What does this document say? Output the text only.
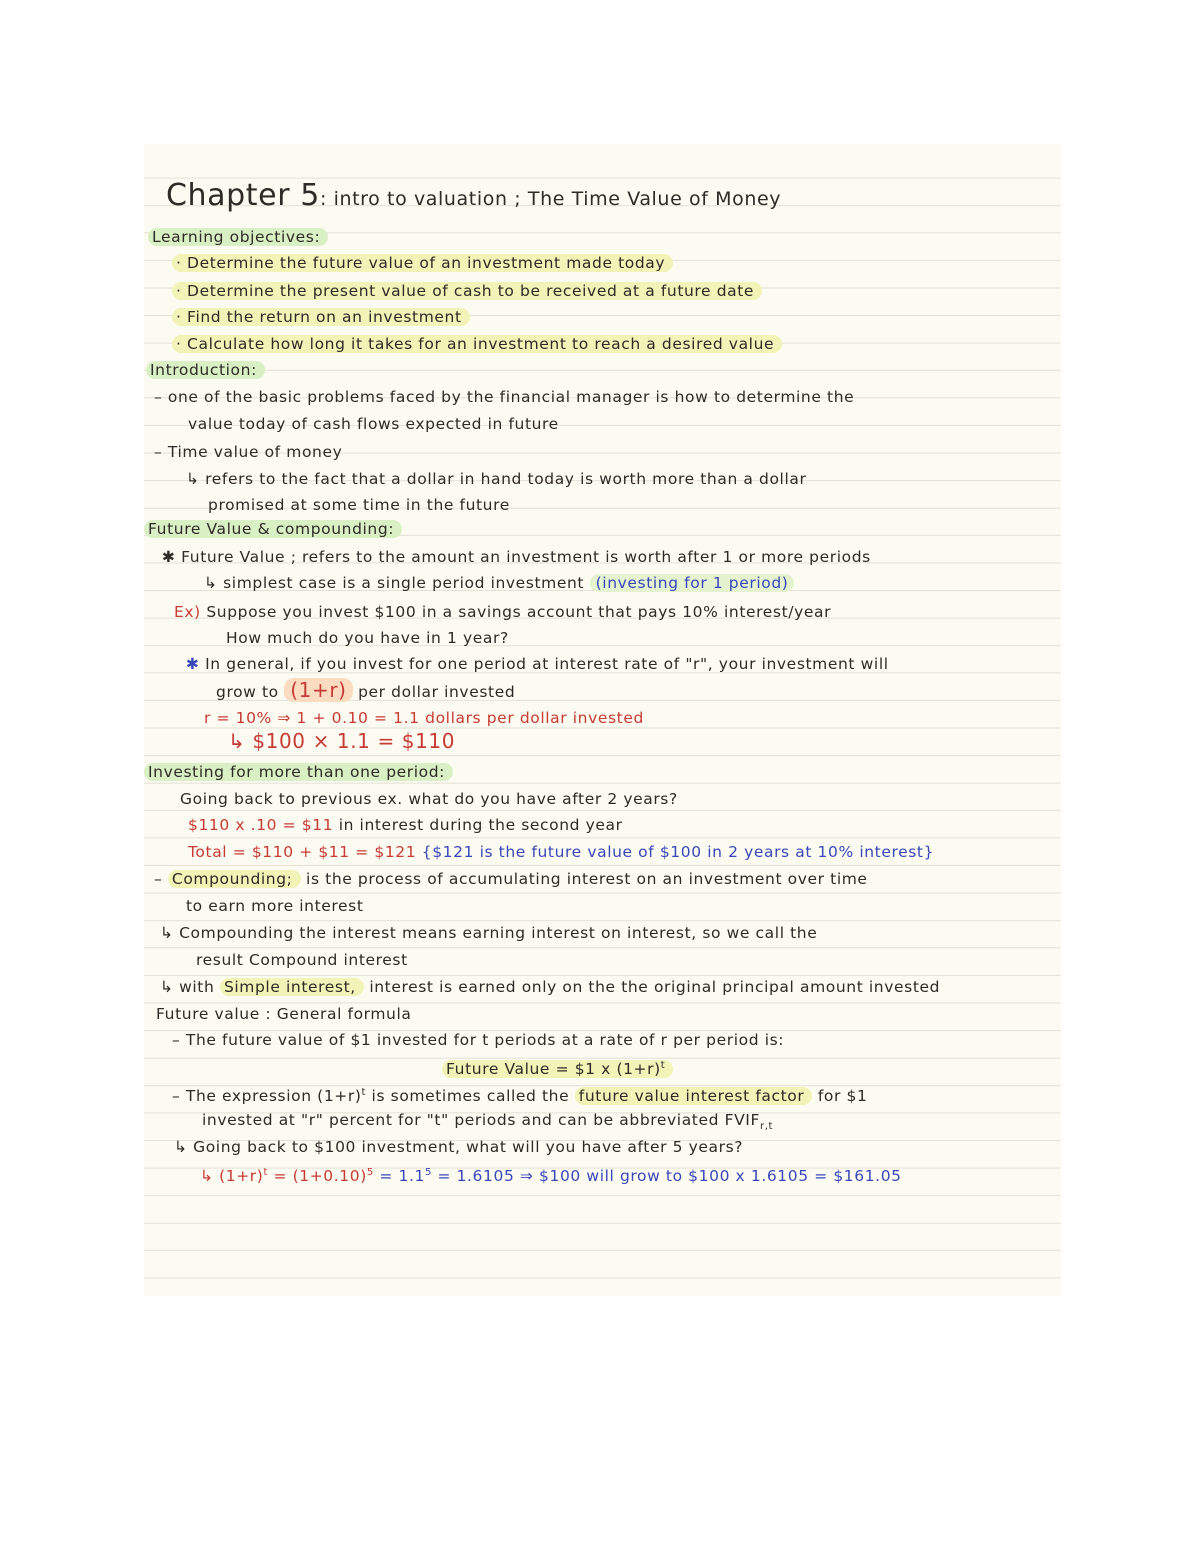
Chapter 5: intro to valuation ; The Time Value of Money
Learning objectives:
· Determine the future value of an investment made today
· Determine the present value of cash to be received at a future date
· Find the return on an investment
· Calculate how long it takes for an investment to reach a desired value
Introduction:
– one of the basic problems faced by the financial manager is how to determine the
value today of cash flows expected in future
– Time value of money
↳ refers to the fact that a dollar in hand today is worth more than a dollar
promised at some time in the future
Future Value & compounding:
✱ Future Value ; refers to the amount an investment is worth after 1 or more periods
↳ simplest case is a single period investment (investing for 1 period)
Ex) Suppose you invest $100 in a savings account that pays 10% interest/year
How much do you have in 1 year?
✱ In general, if you invest for one period at interest rate of "r", your investment will
grow to (1+r) per dollar invested
r = 10% ⇒ 1 + 0.10 = 1.1 dollars per dollar invested
↳ $100 × 1.1 = $110
Investing for more than one period:
Going back to previous ex. what do you have after 2 years?
$110 x .10 = $11 in interest during the second year
Total = $110 + $11 = $121 {$121 is the future value of $100 in 2 years at 10% interest}
– Compounding; is the process of accumulating interest on an investment over time
to earn more interest
↳ Compounding the interest means earning interest on interest, so we call the
result Compound interest
↳ with Simple interest, interest is earned only on the the original principal amount invested
Future value : General formula
– The future value of $1 invested for t periods at a rate of r per period is:
Future Value = $1 x $(1+r)^t$
– The expression $(1+r)^t$ is sometimes called the future value interest factor for $1
invested at "r" percent for "t" periods and can be abbreviated $FVIF_{r,t}$
↳ Going back to $100 investment, what will you have after 5 years?
↳ $(1+r)^t = (1+0.10)^5 = 1.1^5 = 1.6105$ ⇒ $100 will grow to $100 x 1.6105 = $161.05
